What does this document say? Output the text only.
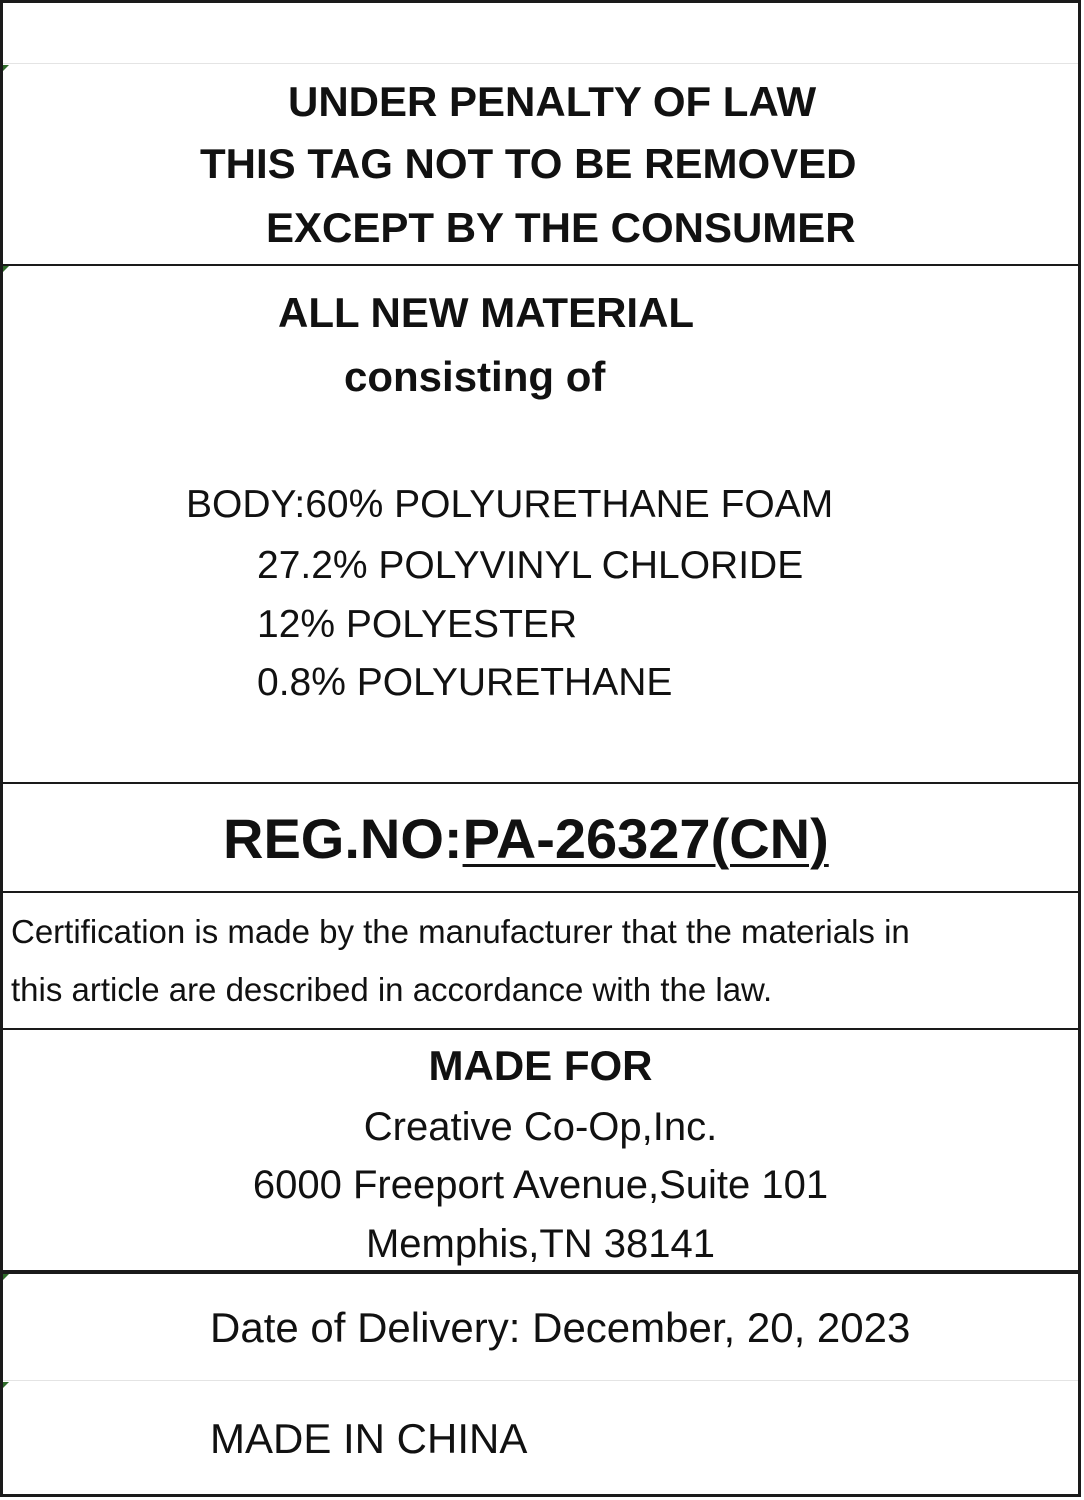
UNDER PENALTY OF LAW
THIS TAG NOT TO BE REMOVED
EXCEPT BY THE CONSUMER
ALL NEW MATERIAL
consisting of
BODY:60% POLYURETHANE FOAM
27.2% POLYVINYL CHLORIDE
12% POLYESTER
0.8% POLYURETHANE
REG.NO:PA-26327(CN)
Certification is made by the manufacturer that the materials in
this article are described in accordance with the law.
MADE FOR
Creative Co-Op,Inc.
6000 Freeport Avenue,Suite 101
Memphis,TN 38141
Date of Delivery: December, 20, 2023
MADE IN CHINA
